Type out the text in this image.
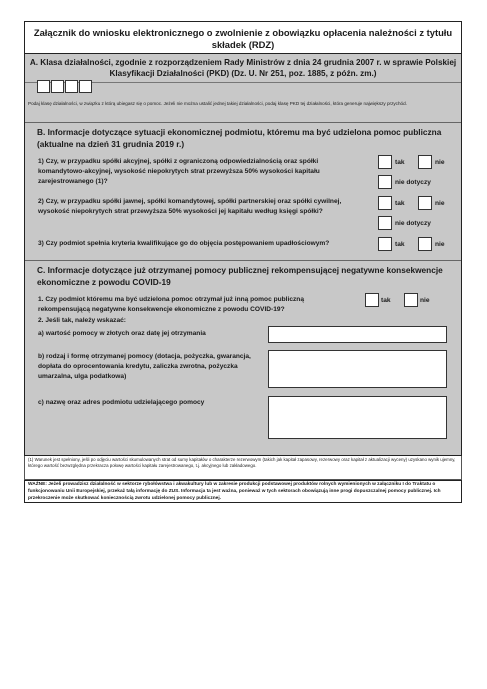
Załącznik do wniosku elektronicznego o zwolnienie z obowiązku opłacenia należności z tytułu składek (RDZ)
A. Klasa działalności, zgodnie z rozporządzeniem Rady Ministrów z dnia 24 grudnia 2007 r. w sprawie Polskiej Klasyfikacji Działalności (PKD) (Dz. U. Nr 251, poz. 1885, z późn. zm.)
Podaj klasę działalności, w związku z którą ubiegasz się o pomoc. Jeżeli nie można ustalić jednej takiej działalności, podaj klasę PKD tej działalności, która generuje największy przychód.
B. Informacje dotyczące sytuacji ekonomicznej podmiotu, któremu ma być udzielona pomoc publiczna (aktualne na dzień 31 grudnia 2019 r.)
1) Czy, w przypadku spółki akcyjnej, spółki z ograniczoną odpowiedzialnością oraz spółki komandytowo-akcyjnej, wysokość niepokrytych strat przewyższa 50% wysokości kapitału zarejestrowanego (1)?
tak	nie
nie dotyczy
2) Czy, w przypadku spółki jawnej, spółki komandytowej, spółki partnerskiej oraz spółki cywilnej, wysokość niepokrytych strat przewyższa 50% wysokości jej kapitału według księgi spółki?
tak	nie
nie dotyczy
3) Czy podmiot spełnia kryteria kwalifikujące go do objęcia postępowaniem upadłościowym?	tak	nie
C. Informacje dotyczące już otrzymanej pomocy publicznej rekompensującej negatywne konsekwencje ekonomiczne z powodu COVID-19
1. Czy podmiot któremu ma być udzielona pomoc otrzymał już inną pomoc publiczną rekompensującą negatywne konsekwencje ekonomiczne z powodu COVID-19?
tak	nie
2. Jeśli tak, należy wskazać:
a) wartość pomocy w złotych oraz datę jej otrzymania
b) rodzaj i formę otrzymanej pomocy (dotacja, pożyczka, gwarancja, dopłata do oprocentowania kredytu, zaliczka zwrotna, pożyczka umarzalna, ulga podatkowa)
c) nazwę oraz adres podmiotu udzielającego pomocy
(1) Warunek jest spełniony, jeśli po odjęciu wartości skumulowanych strat od sumy kapitałów o charakterze rezerwowym (takich jak kapitał zapasowy, rezerwowy oraz kapitał z aktualizacji wyceny) uzyskano wynik ujemny, którego wartość bezwzględna przekracza połowę wartości kapitału zarejestrowanego, t.j. akcyjnego lub zakładowego.
WAŻNE: Jeżeli prowadzisz działalność w sektorze rybołówstwa i akwakultury lub w zakresie produkcji podstawowej produktów rolnych wymienionych w załączniku I do Traktatu o funkcjonowaniu Unii Europejskiej, przekaż tałą informację do ZUS. Informacja ta jest ważna, ponieważ w tych sektorach obowiązują inne progi dopuszczalnej pomocy publicznej. Ich przekroczenie może skutkować koniecznością zwrotu udzielonej pomocy publicznej.
